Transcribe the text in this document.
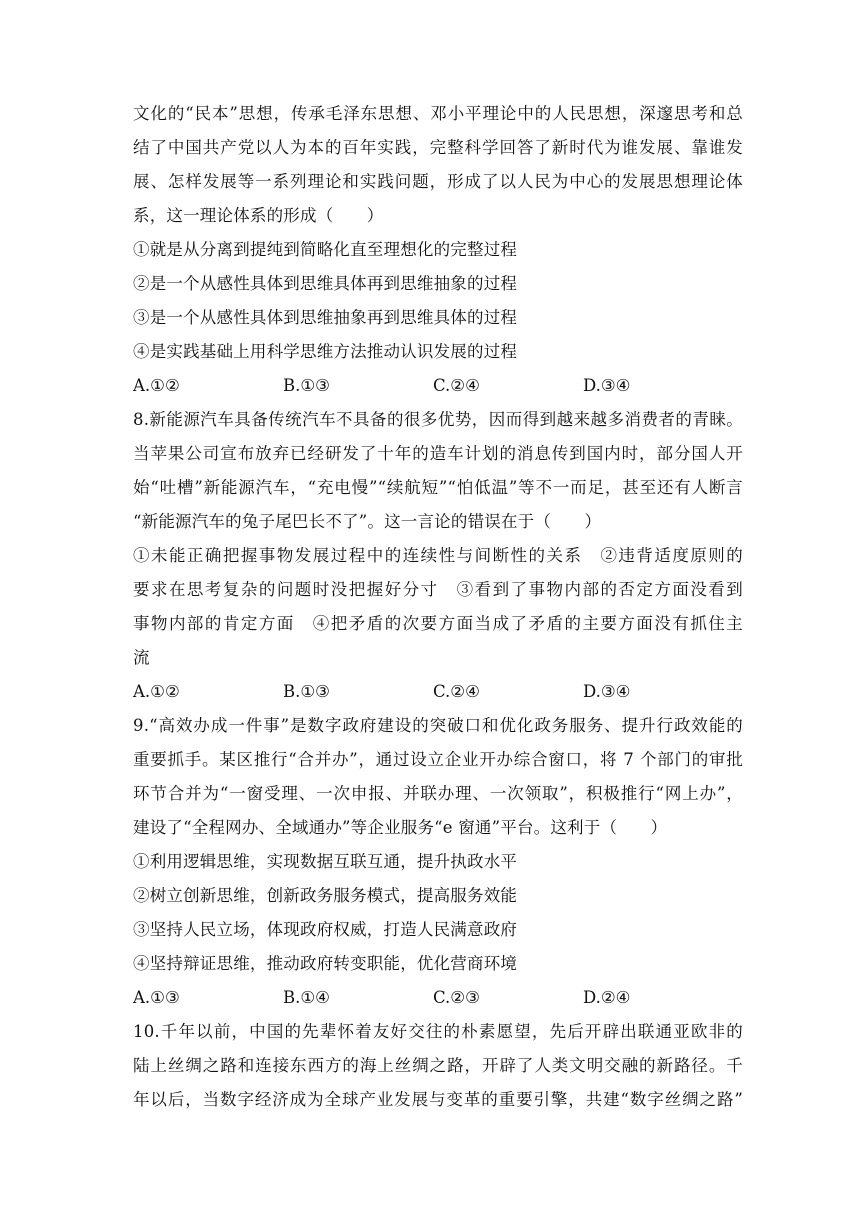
文化的“民本”思想，传承毛泽东思想、邓小平理论中的人民思想，深邃思考和总
结了中国共产党以人为本的百年实践，完整科学回答了新时代为谁发展、靠谁发
展、怎样发展等一系列理论和实践问题，形成了以人民为中心的发展思想理论体
系，这一理论体系的形成（　　）
①就是从分离到提纯到简略化直至理想化的完整过程
②是一个从感性具体到思维具体再到思维抽象的过程
③是一个从感性具体到思维抽象再到思维具体的过程
④是实践基础上用科学思维方法推动认识发展的过程
A.①②	B.①③	C.②④	D.③④
8.新能源汽车具备传统汽车不具备的很多优势，因而得到越来越多消费者的青睐。
当苹果公司宣布放弃已经研发了十年的造车计划的消息传到国内时，部分国人开
始“吐槽”新能源汽车，“充电慢”“续航短”“怕低温”等不一而足，甚至还有人断言
“新能源汽车的兔子尾巴长不了”。这一言论的错误在于（　　）
①未能正确把握事物发展过程中的连续性与间断性的关系　②违背适度原则的
要求在思考复杂的问题时没把握好分寸　③看到了事物内部的否定方面没看到
事物内部的肯定方面　④把矛盾的次要方面当成了矛盾的主要方面没有抓住主
流
A.①②	B.①③	C.②④	D.③④
9.“高效办成一件事”是数字政府建设的突破口和优化政务服务、提升行政效能的
重要抓手。某区推行“合并办”，通过设立企业开办综合窗口，将 7 个部门的审批
环节合并为“一窗受理、一次申报、并联办理、一次领取”，积极推行“网上办”，
建设了“全程网办、全域通办”等企业服务“e 窗通”平台。这利于（　　）
①利用逻辑思维，实现数据互联互通，提升执政水平
②树立创新思维，创新政务服务模式，提高服务效能
③坚持人民立场，体现政府权威，打造人民满意政府
④坚持辩证思维，推动政府转变职能，优化营商环境
A.①③	B.①④	C.②③	D.②④
10.千年以前，中国的先辈怀着友好交往的朴素愿望，先后开辟出联通亚欧非的
陆上丝绸之路和连接东西方的海上丝绸之路，开辟了人类文明交融的新路径。千
年以后，当数字经济成为全球产业发展与变革的重要引擎，共建“数字丝绸之路”
